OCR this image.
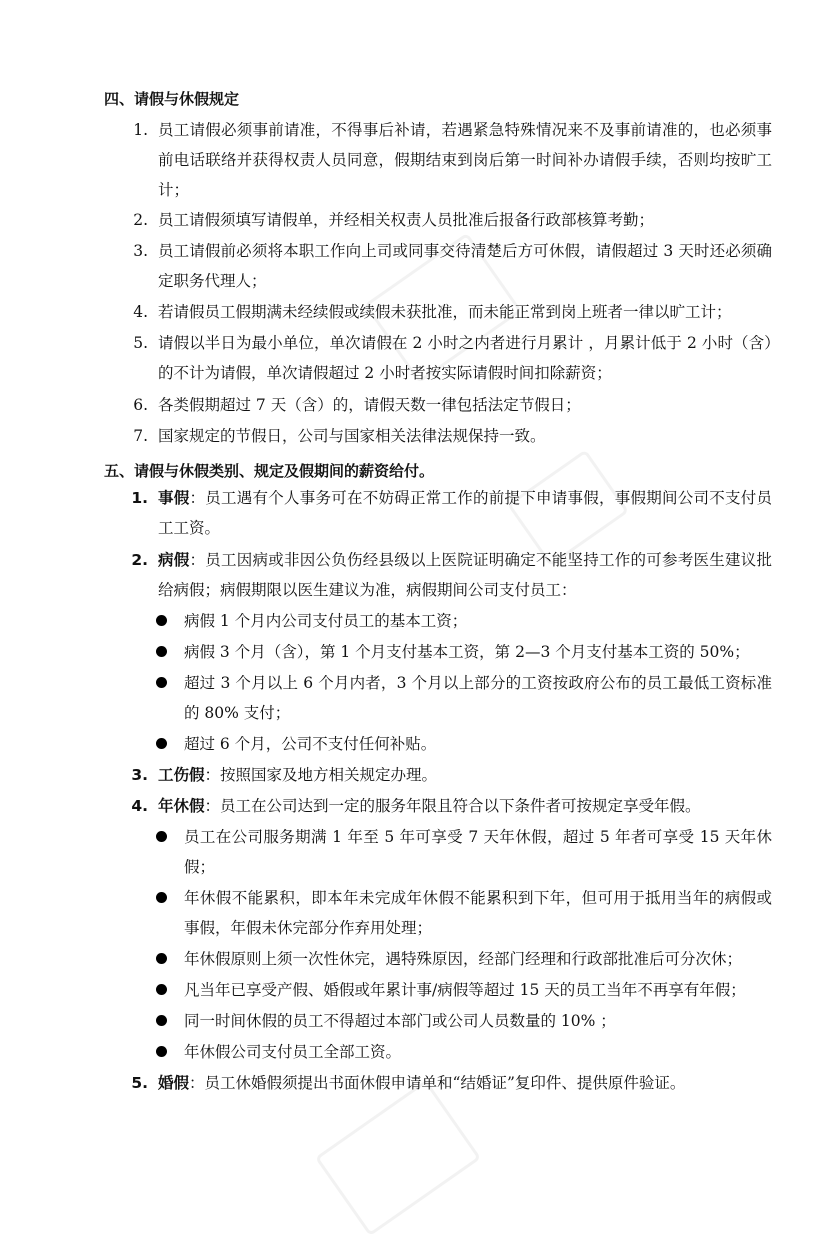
四、请假与休假规定
1. 员工请假必须事前请准，不得事后补请，若遇紧急特殊情况来不及事前请准的，也必须事前电话联络并获得权责人员同意，假期结束到岗后第一时间补办请假手续，否则均按旷工计；
2. 员工请假须填写请假单，并经相关权责人员批准后报备行政部核算考勤；
3. 员工请假前必须将本职工作向上司或同事交待清楚后方可休假，请假超过 3 天时还必须确定职务代理人；
4. 若请假员工假期满未经续假或续假未获批准，而未能正常到岗上班者一律以旷工计；
5. 请假以半日为最小单位，单次请假在 2 小时之内者进行月累计 ，月累计低于 2 小时（含）的不计为请假，单次请假超过 2 小时者按实际请假时间扣除薪资；
6. 各类假期超过 7 天（含）的，请假天数一律包括法定节假日；
7. 国家规定的节假日，公司与国家相关法律法规保持一致。
五、请假与休假类别、规定及假期间的薪资给付。
1. 事假：员工遇有个人事务可在不妨碍正常工作的前提下申请事假，事假期间公司不支付员工工资。
2. 病假：员工因病或非因公负伤经县级以上医院证明确定不能坚持工作的可参考医生建议批给病假；病假期限以医生建议为准，病假期间公司支付员工：
病假 1 个月内公司支付员工的基本工资；
病假 3 个月（含），第 1 个月支付基本工资，第 2—3 个月支付基本工资的 50%；
超过 3 个月以上 6 个月内者，3 个月以上部分的工资按政府公布的员工最低工资标准的 80% 支付；
超过 6 个月，公司不支付任何补贴。
3. 工伤假：按照国家及地方相关规定办理。
4. 年休假：员工在公司达到一定的服务年限且符合以下条件者可按规定享受年假。
员工在公司服务期满 1 年至 5 年可享受 7 天年休假，超过 5 年者可享受 15 天年休假；
年休假不能累积，即本年未完成年休假不能累积到下年，但可用于抵用当年的病假或事假，年假未休完部分作弃用处理；
年休假原则上须一次性休完，遇特殊原因，经部门经理和行政部批准后可分次休；
凡当年已享受产假、婚假或年累计事/病假等超过 15 天的员工当年不再享有年假；
同一时间休假的员工不得超过本部门或公司人员数量的 10% ；
年休假公司支付员工全部工资。
5. 婚假：员工休婚假须提出书面休假申请单和“结婚证”复印件、提供原件验证。
